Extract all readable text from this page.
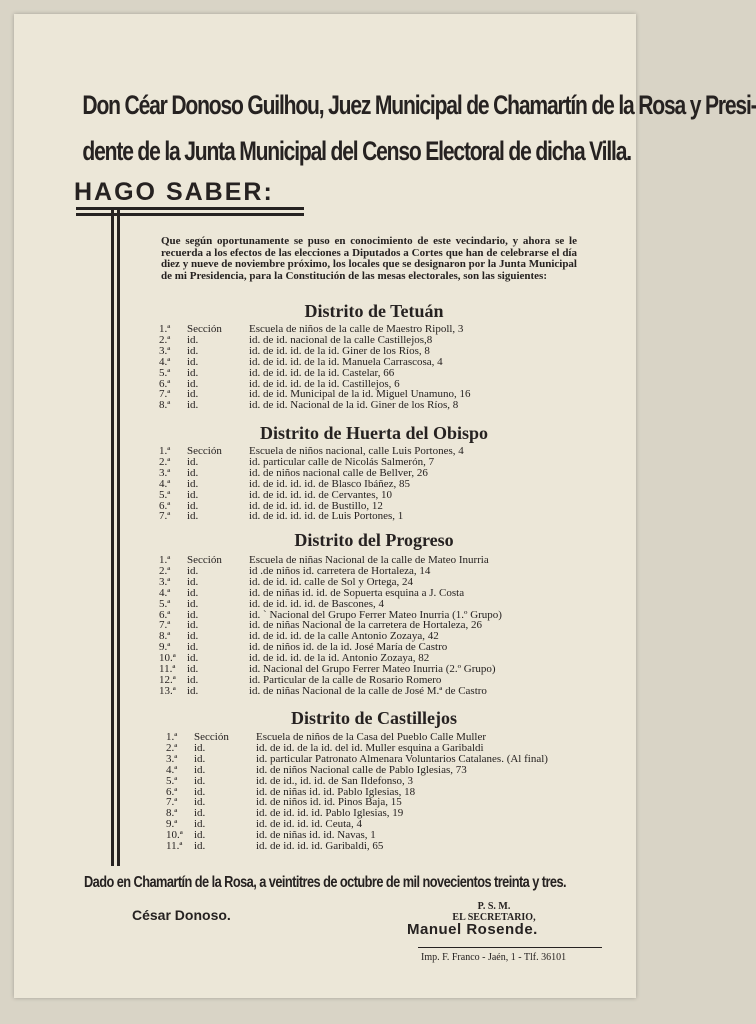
Don Céar Donoso Guilhou, Juez Municipal de Chamartín de la Rosa y Presi-
dente de la Junta Municipal del Censo Electoral de dicha Villa.
HAGO SABER:
Que según oportunamente se puso en conocimiento de este vecindario, y ahora se le recuerda a los efectos de las elecciones a Diputados a Cortes que han de celebrarse el día diez y nueve de noviembre próximo, los locales que se designaron por la Junta Municipal de mi Presidencia, para la Constitución de las mesas electorales, son las siguientes:
Distrito de Tetuán
1.ª	Sección Escuela de niños de la calle de Maestro Ripoll, 3
2.ª	id.	id. de id. nacional de la calle Castillejos,8
3.ª	id.	id. de id. id. de la id. Giner de los Ríos, 8
4.ª	id.	id. de id. id. de la id. Manuela Carrascosa, 4
5.ª	id.	id. de id. id. de la id. Castelar, 66
6.ª	id.	id. de id. id. de la id. Castillejos, 6
7.ª	id.	id. de id. Municipal de la id. Miguel Unamuno, 16
8.ª	id.	id. de id. Nacional de la id. Giner de los Ríos, 8
Distrito de Huerta del Obispo
1.ª	Sección Escuela de niños nacional, calle Luis Portones, 4
2.ª	id.	id. particular calle de Nicolás Salmerón, 7
3.ª	id.	id. de niños nacional calle de Bellver, 26
4.ª	id.	id. de id. id. id. de Blasco Ibáñez, 85
5.ª	id.	id. de id. id. id. de Cervantes, 10
6.ª	id.	id. de id. id. id. de Bustillo, 12
7.ª	id.	id. de id. id. id. de Luis Portones, 1
Distrito del Progreso
1.ª	Sección Escuela de niñas Nacional de la calle de Mateo Inurria
2.ª	id.	id .de niños id. carretera de Hortaleza, 14
3.ª	id.	id. de id. id. calle de Sol y Ortega, 24
4.ª	id.	id. de niñas id. id. de Sopuerta esquina a J. Costa
5.ª	id.	id. de id. id. id. de Bascones, 4
6.ª	id.	id. ` Nacional del Grupo Ferrer Mateo Inurria (1.º Grupo)
7.ª	id.	id. de niñas Nacional de la carretera de Hortaleza, 26
8.ª	id.	id. de id. id. de la calle Antonio Zozaya, 42
9.ª	id.	id. de niños id. de la id. José María de Castro
10.ª	id.	id. de id. id. de la id. Antonio Zozaya, 82
11.ª	id.	id. Nacional del Grupo Ferrer Mateo Inurria (2.º Grupo)
12.ª	id.	id. Particular de la calle de Rosario Romero
13.ª	id.	id. de niñas Nacional de la calle de José M.ª de Castro
Distrito de Castillejos
1.ª	Sección Escuela de niños de la Casa del Pueblo Calle Muller
2.ª	id.	id. de id. de la id. del id. Muller esquina a Garibaldi
3.ª	id.	id. particular Patronato Almenara Voluntarios Catalanes. (Al final)
4.ª	id.	id. de niños Nacional calle de Pablo Iglesias, 73
5.ª	id.	id. de id., id. id. de San Ildefonso, 3
6.ª	id.	id. de niñas id. id. Pablo Iglesias, 18
7.ª	id.	id. de niños id. id. Pinos Baja, 15
8.ª	id.	id. de id. id. id. Pablo Iglesias, 19
9.ª	id.	id. de id. id. id. Ceuta, 4
10.ª	id.	id. de niñas id. id. Navas, 1
11.ª	id.	id. de id. id. id. Garibaldi, 65
Dado en Chamartín de la Rosa, a veintitres de octubre de mil novecientos treinta y tres.
César Donoso.
P. S. M.
EL SECRETARIO,
Manuel Rosende.
Imp. F. Franco - Jaén, 1 - Tlf. 36101
